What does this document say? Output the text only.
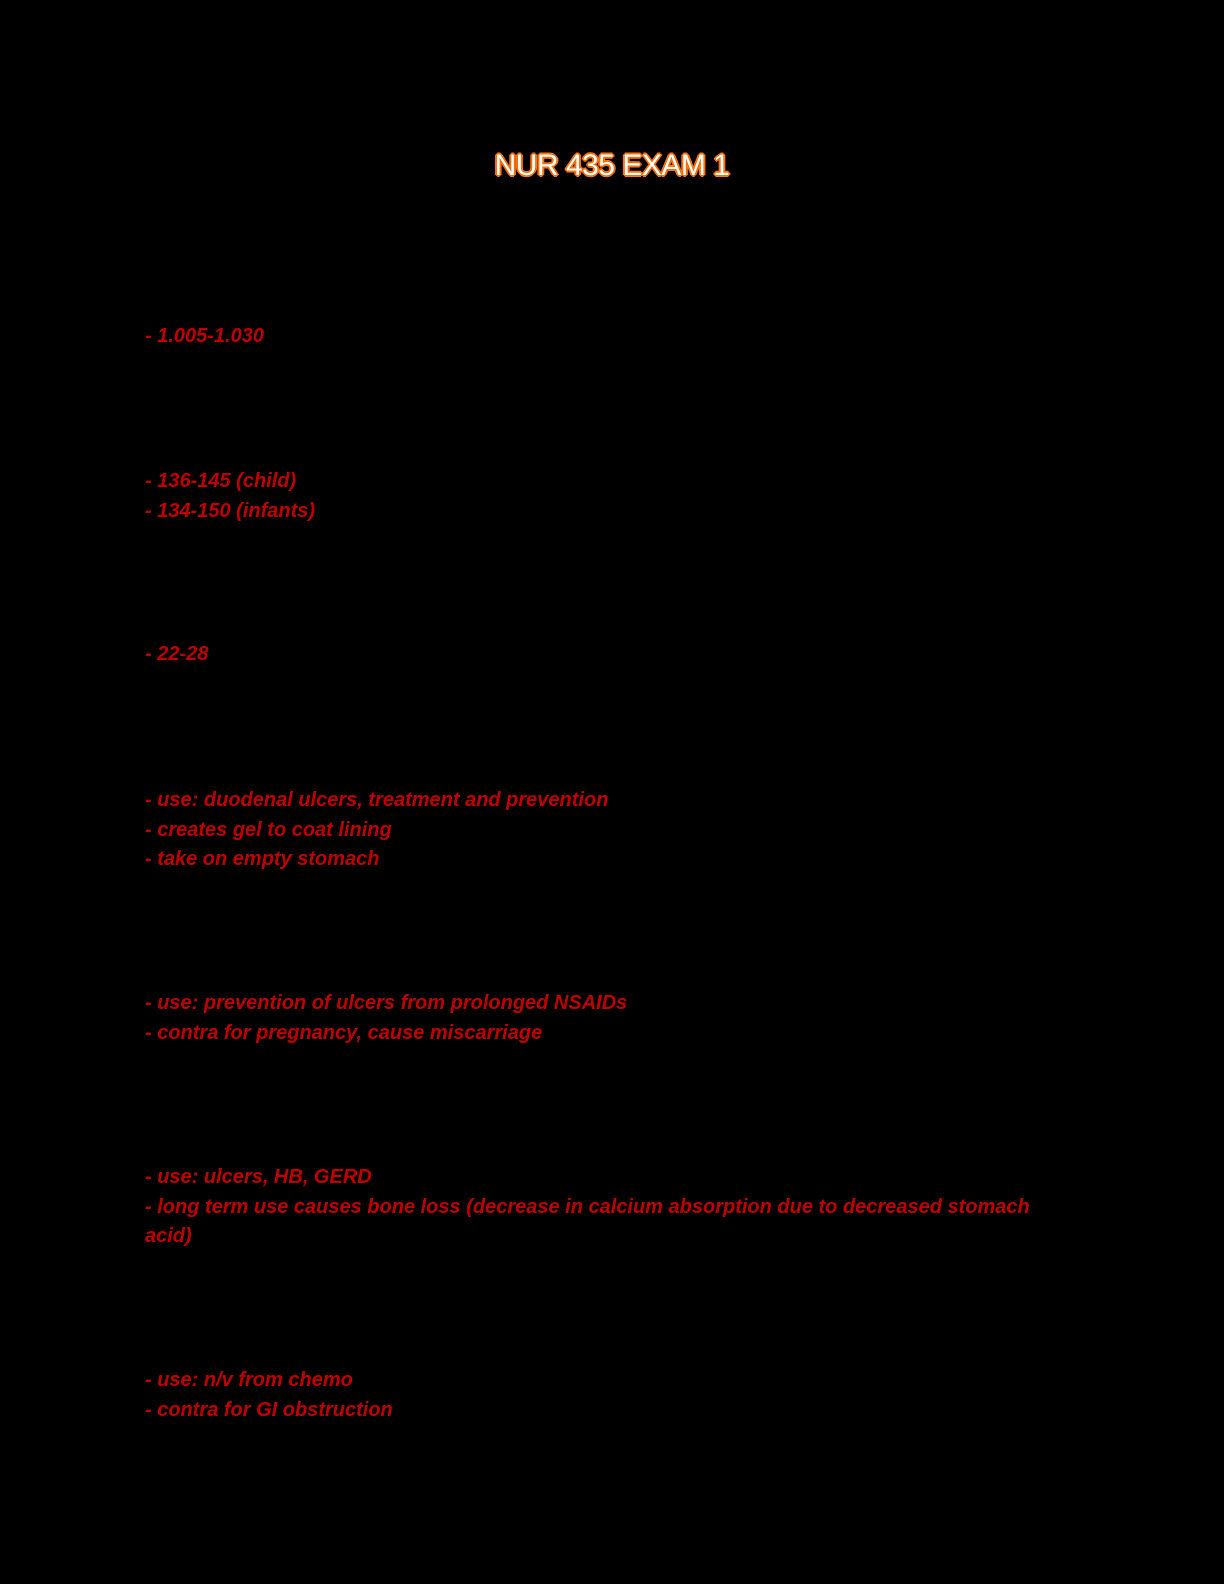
NUR 435 EXAM 1
- 1.005-1.030
- 136-145 (child)
- 134-150 (infants)
- 22-28
- use: duodenal ulcers, treatment and prevention
- creates gel to coat lining
- take on empty stomach
- use: prevention of ulcers from prolonged NSAIDs
- contra for pregnancy, cause miscarriage
- use: ulcers, HB, GERD
- long term use causes bone loss (decrease in calcium absorption due to decreased stomach acid)
- use: n/v from chemo
- contra for GI obstruction
